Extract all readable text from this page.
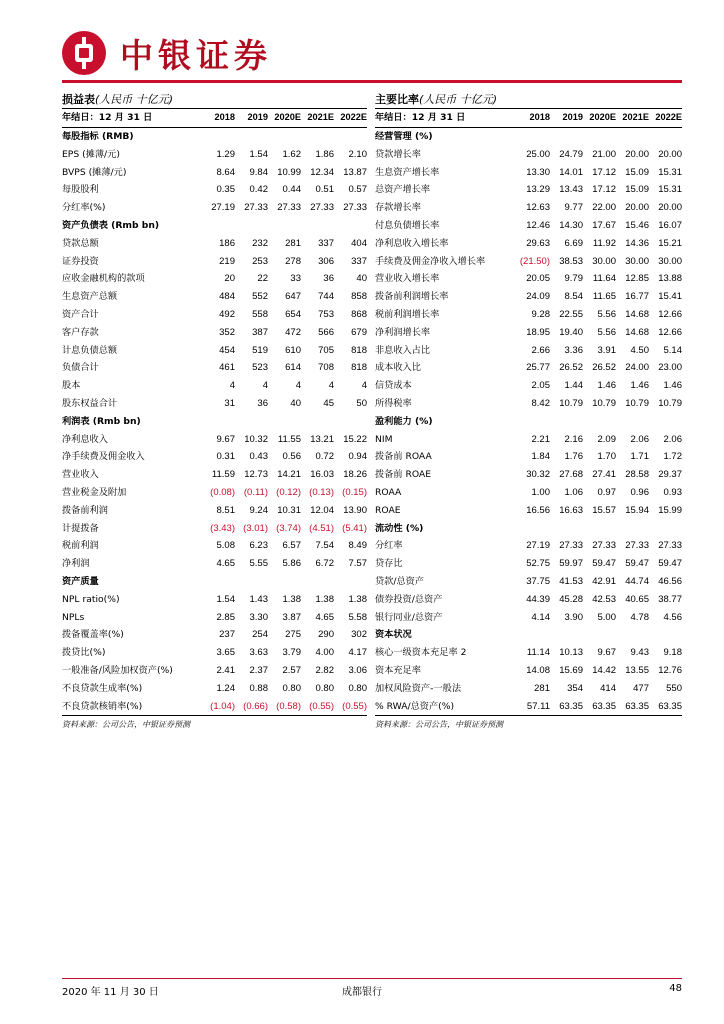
中银证券
损益表(人民币 十亿元)
年结日：12 月 31 日	2018	2019	2020E	2021E	2022E
每股指标 (RMB)					
EPS (摊薄/元)	1.29	1.54	1.62	1.86	2.10
BVPS (摊薄/元)	8.64	9.84	10.99	12.34	13.87
每股股利	0.35	0.42	0.44	0.51	0.57
分红率(%)	27.19	27.33	27.33	27.33	27.33
资产负债表 (Rmb bn)					
贷款总额	186	232	281	337	404
证券投资	219	253	278	306	337
应收金融机构的款项	20	22	33	36	40
生息资产总额	484	552	647	744	858
资产合计	492	558	654	753	868
客户存款	352	387	472	566	679
计息负债总额	454	519	610	705	818
负债合计	461	523	614	708	818
股本	4	4	4	4	4
股东权益合计	31	36	40	45	50
利润表 (Rmb bn)					
净利息收入	9.67	10.32	11.55	13.21	15.22
净手续费及佣金收入	0.31	0.43	0.56	0.72	0.94
营业收入	11.59	12.73	14.21	16.03	18.26
营业税金及附加	(0.08)	(0.11)	(0.12)	(0.13)	(0.15)
拨备前利润	8.51	9.24	10.31	12.04	13.90
计提拨备	(3.43)	(3.01)	(3.74)	(4.51)	(5.41)
税前利润	5.08	6.23	6.57	7.54	8.49
净利润	4.65	5.55	5.86	6.72	7.57
资产质量					
NPL ratio(%)	1.54	1.43	1.38	1.38	1.38
NPLs	2.85	3.30	3.87	4.65	5.58
拨备覆盖率(%)	237	254	275	290	302
拨贷比(%)	3.65	3.63	3.79	4.00	4.17
一般准备/风险加权资产(%)	2.41	2.37	2.57	2.82	3.06
不良贷款生成率(%)	1.24	0.88	0.80	0.80	0.80
不良贷款核销率(%)	(1.04)	(0.66)	(0.58)	(0.55)	(0.55)
资料来源：公司公告，中银证券预测
主要比率(人民币 十亿元)
年结日：12 月 31 日	2018	2019	2020E	2021E	2022E
经营管理 (%)					
贷款增长率	25.00	24.79	21.00	20.00	20.00
生息资产增长率	13.30	14.01	17.12	15.09	15.31
总资产增长率	13.29	13.43	17.12	15.09	15.31
存款增长率	12.63	9.77	22.00	20.00	20.00
付息负债增长率	12.46	14.30	17.67	15.46	16.07
净利息收入增长率	29.63	6.69	11.92	14.36	15.21
手续费及佣金净收入增长率	(21.50)	38.53	30.00	30.00	30.00
营业收入增长率	20.05	9.79	11.64	12.85	13.88
拨备前利润增长率	24.09	8.54	11.65	16.77	15.41
税前利润增长率	9.28	22.55	5.56	14.68	12.66
净利润增长率	18.95	19.40	5.56	14.68	12.66
非息收入占比	2.66	3.36	3.91	4.50	5.14
成本收入比	25.77	26.52	26.52	24.00	23.00
信贷成本	2.05	1.44	1.46	1.46	1.46
所得税率	8.42	10.79	10.79	10.79	10.79
盈利能力 (%)					
NIM	2.21	2.16	2.09	2.06	2.06
拨备前 ROAA	1.84	1.76	1.70	1.71	1.72
拨备前 ROAE	30.32	27.68	27.41	28.58	29.37
ROAA	1.00	1.06	0.97	0.96	0.93
ROAE	16.56	16.63	15.57	15.94	15.99
流动性 (%)					
分红率	27.19	27.33	27.33	27.33	27.33
贷存比	52.75	59.97	59.47	59.47	59.47
贷款/总资产	37.75	41.53	42.91	44.74	46.56
债券投资/总资产	44.39	45.28	42.53	40.65	38.77
银行同业/总资产	4.14	3.90	5.00	4.78	4.56
资本状况					
核心一级资本充足率 2	11.14	10.13	9.67	9.43	9.18
资本充足率	14.08	15.69	14.42	13.55	12.76
加权风险资产-一般法	281	354	414	477	550
% RWA/总资产(%)	57.11	63.35	63.35	63.35	63.35
资料来源：公司公告，中银证券预测
2020 年 11 月 30 日	成都银行	48
